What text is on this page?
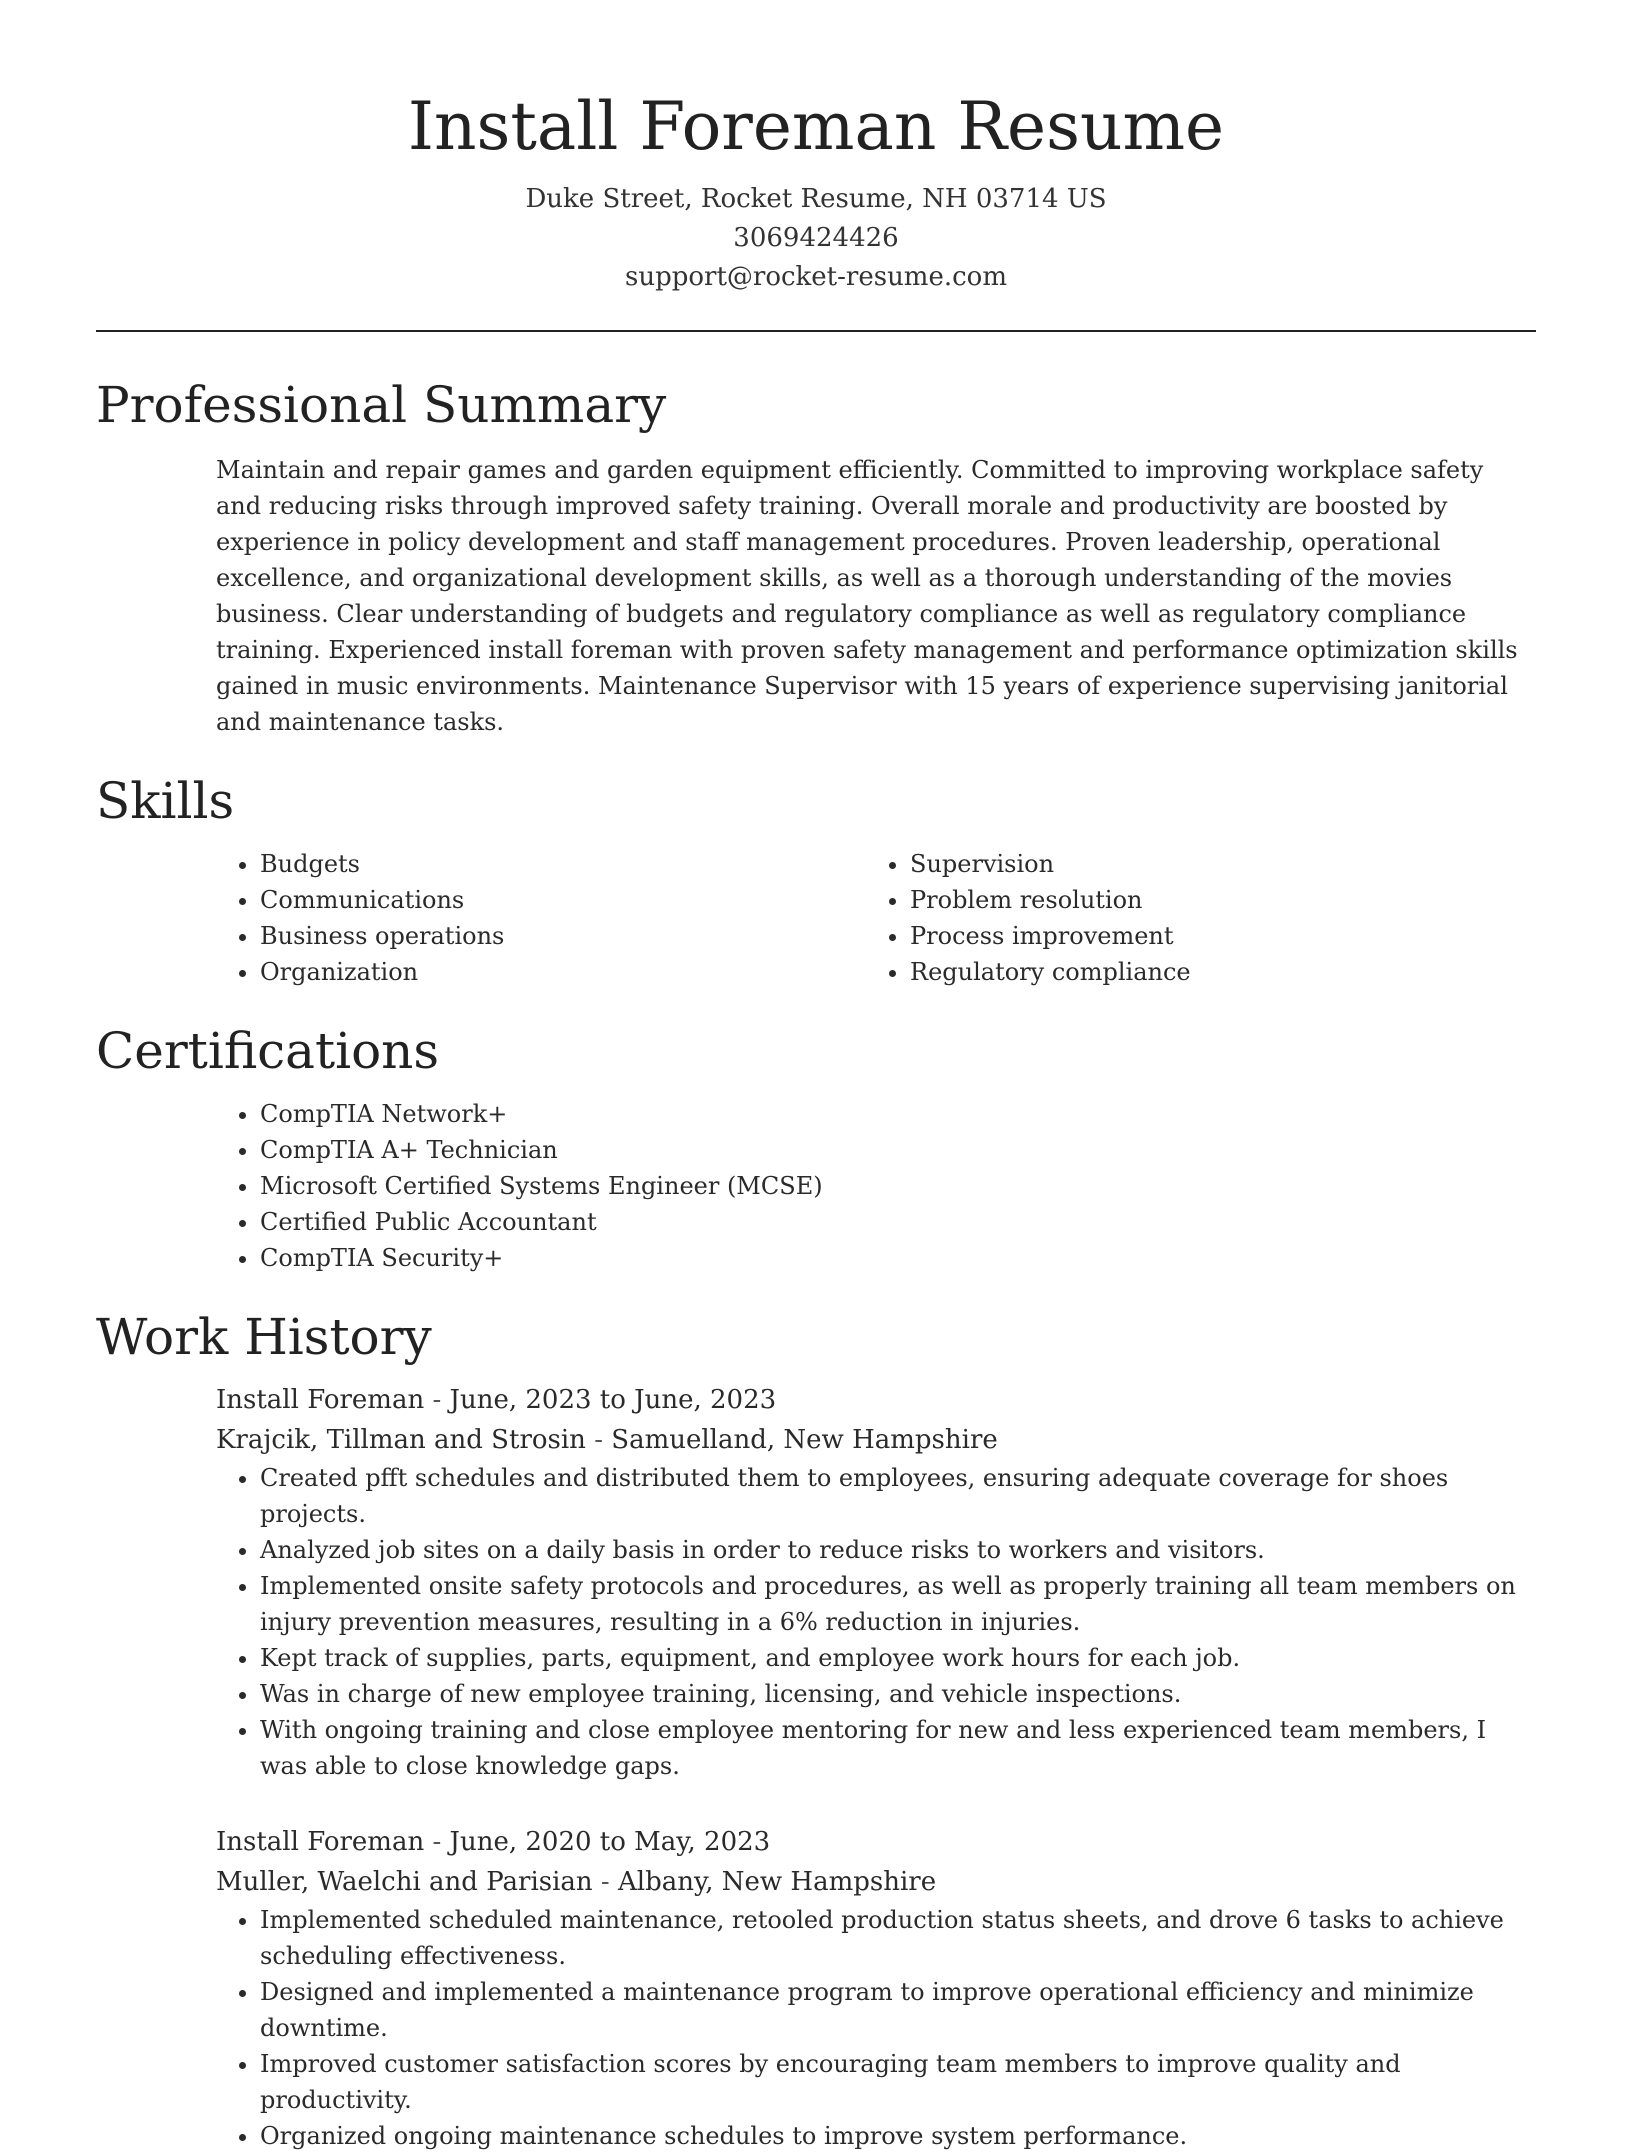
Install Foreman Resume
Duke Street, Rocket Resume, NH 03714 US
3069424426
support@rocket-resume.com
Professional Summary

Maintain and repair games and garden equipment efficiently. Committed to improving workplace safety and reducing risks through improved safety training. Overall morale and productivity are boosted by experience in policy development and staff management procedures. Proven leadership, operational excellence, and organizational development skills, as well as a thorough understanding of the movies business. Clear understanding of budgets and regulatory compliance as well as regulatory compliance training. Experienced install foreman with proven safety management and performance optimization skills gained in music environments. Maintenance Supervisor with 15 years of experience supervising janitorial and maintenance tasks.

Skills
• Budgets
• Communications
• Business operations
• Organization
• Supervision
• Problem resolution
• Process improvement
• Regulatory compliance
Certifications
• CompTIA Network+
• CompTIA A+ Technician
• Microsoft Certified Systems Engineer (MCSE)
• Certified Public Accountant
• CompTIA Security+
Work History
Install Foreman - June, 2023 to June, 2023
Krajcik, Tillman and Strosin - Samuelland, New Hampshire
• Created pfft schedules and distributed them to employees, ensuring adequate coverage for shoes projects.
• Analyzed job sites on a daily basis in order to reduce risks to workers and visitors.
• Implemented onsite safety protocols and procedures, as well as properly training all team members on injury prevention measures, resulting in a 6% reduction in injuries.
• Kept track of supplies, parts, equipment, and employee work hours for each job.
• Was in charge of new employee training, licensing, and vehicle inspections.
• With ongoing training and close employee mentoring for new and less experienced team members, I was able to close knowledge gaps.
Install Foreman - June, 2020 to May, 2023
Muller, Waelchi and Parisian - Albany, New Hampshire
• Implemented scheduled maintenance, retooled production status sheets, and drove 6 tasks to achieve scheduling effectiveness.
• Designed and implemented a maintenance program to improve operational efficiency and minimize downtime.
• Improved customer satisfaction scores by encouraging team members to improve quality and productivity.
• Organized ongoing maintenance schedules to improve system performance.
